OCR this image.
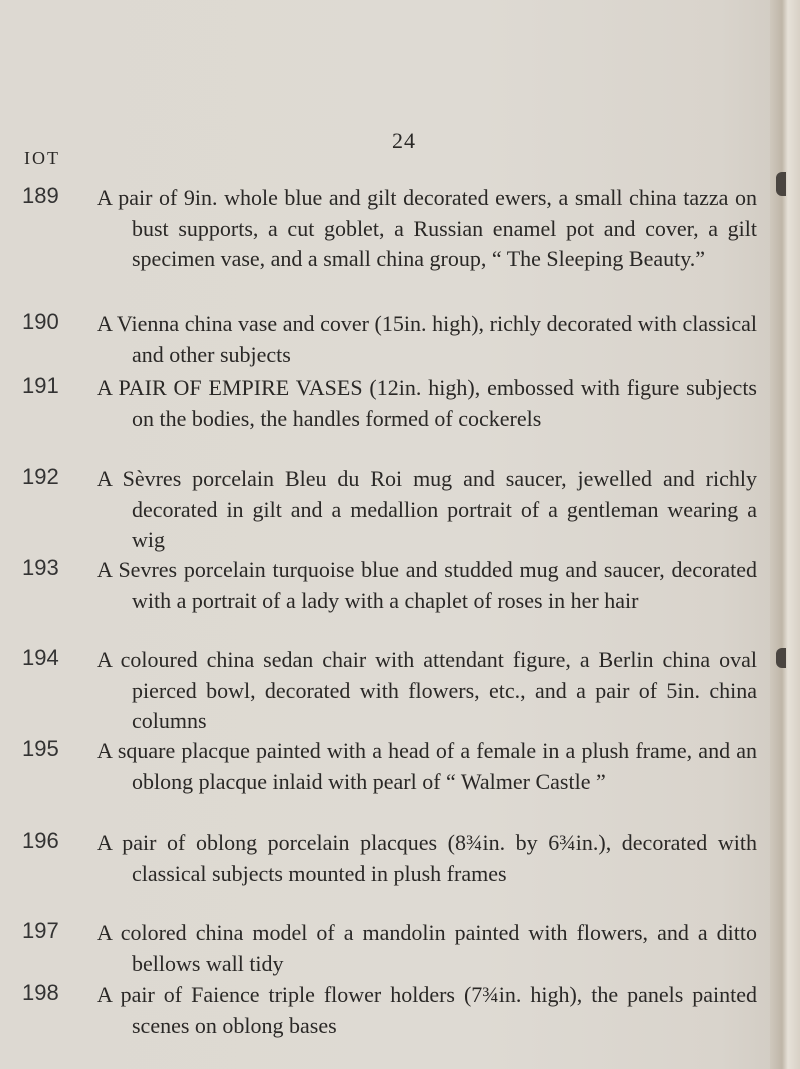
24
IOT
189 A pair of 9in. whole blue and gilt decorated ewers, a small china tazza on bust supports, a cut goblet, a Russian enamel pot and cover, a gilt specimen vase, and a small china group, “ The Sleeping Beauty.”
190 A Vienna china vase and cover (15in. high), richly decorated with classical and other subjects
191 A PAIR OF EMPIRE VASES (12in. high), embossed with figure subjects on the bodies, the handles formed of cockerels
192 A Sèvres porcelain Bleu du Roi mug and saucer, jewelled and richly decorated in gilt and a medallion portrait of a gentleman wearing a wig
193 A Sevres porcelain turquoise blue and studded mug and saucer, decorated with a portrait of a lady with a chaplet of roses in her hair
194 A coloured china sedan chair with attendant figure, a Berlin china oval pierced bowl, decorated with flowers, etc., and a pair of 5in. china columns
195 A square placque painted with a head of a female in a plush frame, and an oblong placque inlaid with pearl of “ Walmer Castle ”
196 A pair of oblong porcelain placques (8¾in. by 6¾in.), decorated with classical subjects mounted in plush frames
197 A colored china model of a mandolin painted with flowers, and a ditto bellows wall tidy
198 A pair of Faience triple flower holders (7¾in. high), the panels painted scenes on oblong bases
